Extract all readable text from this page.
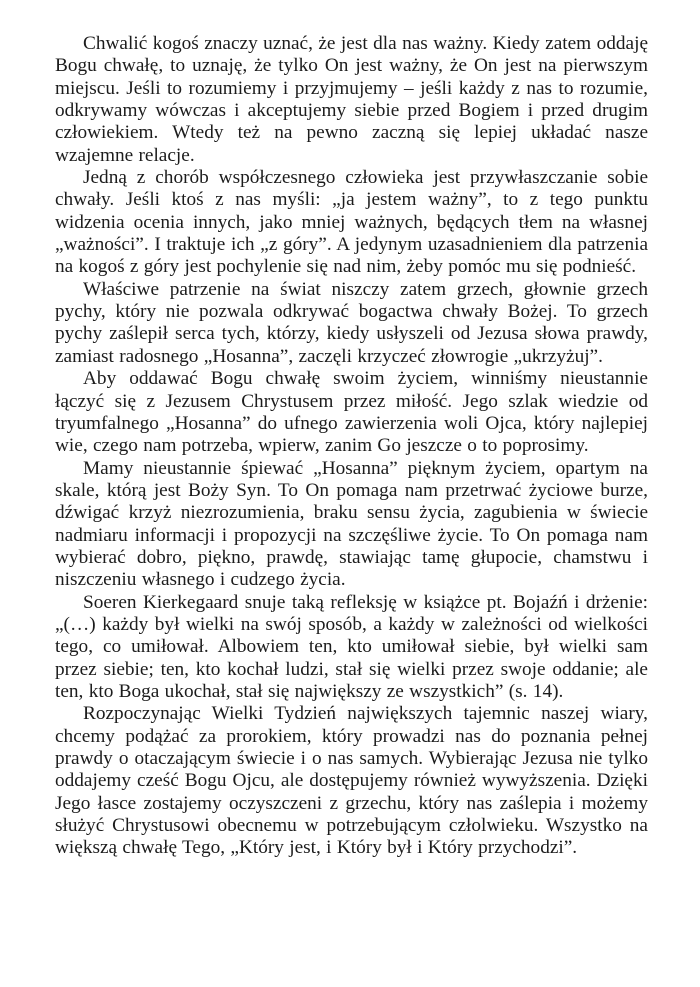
Chwalić kogoś znaczy uznać, że jest dla nas ważny. Kiedy zatem oddaję Bogu chwałę, to uznaję, że tylko On jest ważny, że On jest na pierwszym miejscu. Jeśli to rozumiemy i przyjmujemy – jeśli każdy z nas to rozumie, odkrywamy wówczas i akceptujemy siebie przed Bogiem i przed drugim człowiekiem. Wtedy też na pewno zaczną się lepiej układać nasze wzajemne relacje.

Jedną z chorób współczesnego człowieka jest przywłaszczanie sobie chwały. Jeśli ktoś z nas myśli: „ja jestem ważny”, to z tego punktu widzenia ocenia innych, jako mniej ważnych, będących tłem na własnej „ważności”. I traktuje ich „z góry”. A jedynym uzasadnieniem dla patrzenia na kogoś z góry jest pochylenie się nad nim, żeby pomóc mu się podnieść.

Właściwe patrzenie na świat niszczy zatem grzech, głownie grzech pychy, który nie pozwala odkrywać bogactwa chwały Bożej. To grzech pychy zaślepił serca tych, którzy, kiedy usłyszeli od Jezusa słowa prawdy, zamiast radosnego „Hosanna”, zaczęli krzyczeć złowrogie „ukrzyżuj”.

Aby oddawać Bogu chwałę swoim życiem, winniśmy nieustannie łączyć się z Jezusem Chrystusem przez miłość. Jego szlak wiedzie od tryumfalnego „Hosanna” do ufnego zawierzenia woli Ojca, który najlepiej wie, czego nam potrzeba, wpierw, zanim Go jeszcze o to poprosimy.

Mamy nieustannie śpiewać „Hosanna” pięknym życiem, opartym na skale, którą jest Boży Syn. To On pomaga nam przetrwać życiowe burze, dźwigać krzyż niezrozumienia, braku sensu życia, zagubienia w świecie nadmiaru informacji i propozycji na szczęśliwe życie. To On pomaga nam wybierać dobro, piękno, prawdę, stawiając tamę głupocie, chamstwu i niszczeniu własnego i cudzego życia.

Soeren Kierkegaard snuje taką refleksję w książce pt. Bojaźń i drżenie: „(…) każdy był wielki na swój sposób, a każdy w zależności od wielkości tego, co umiłował. Albowiem ten, kto umiłował siebie, był wielki sam przez siebie; ten, kto kochał ludzi, stał się wielki przez swoje oddanie; ale ten, kto Boga ukochał, stał się największy ze wszystkich” (s. 14).

Rozpoczynając Wielki Tydzień największych tajemnic naszej wiary, chcemy podążać za prorokiem, który prowadzi nas do poznania pełnej prawdy o otaczającym świecie i o nas samych. Wybierając Jezusa nie tylko oddajemy cześć Bogu Ojcu, ale dostępujemy również wywyższenia. Dzięki Jego łasce zostajemy oczyszczeni z grzechu, który nas zaślepia i możemy służyć Chrystusowi obecnemu w potrzebującym człolwieku. Wszystko na większą chwałę Tego, „Który jest, i Który był i Który przychodzi”.
